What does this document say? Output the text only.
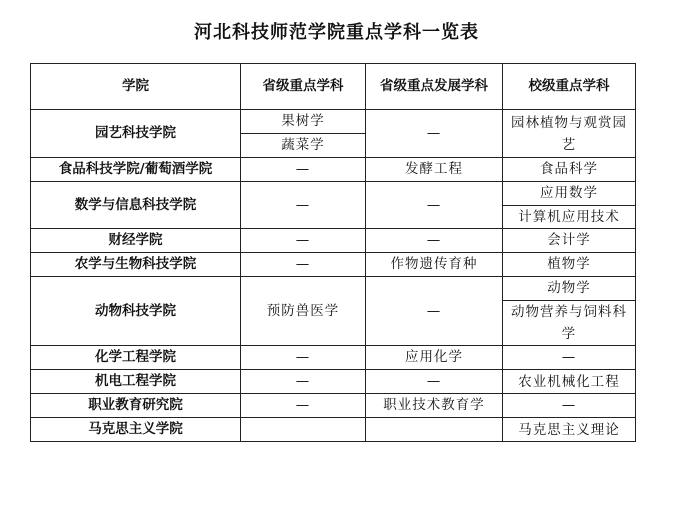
河北科技师范学院重点学科一览表
学院	省级重点学科	省级重点发展学科	校级重点学科
园艺科技学院	果树学	—	园林植物与观赏园艺
	蔬菜学		
食品科技学院/葡萄酒学院	—	发酵工程	食品科学
数学与信息科技学院	—	—	应用数学
			计算机应用技术
财经学院	—	—	会计学
农学与生物科技学院	—	作物遗传育种	植物学
动物科技学院	预防兽医学	—	动物学
			动物营养与饲料科学
化学工程学院	—	应用化学	—
机电工程学院	—	—	农业机械化工程
职业教育研究院	—	职业技术教育学	—
马克思主义学院			马克思主义理论
